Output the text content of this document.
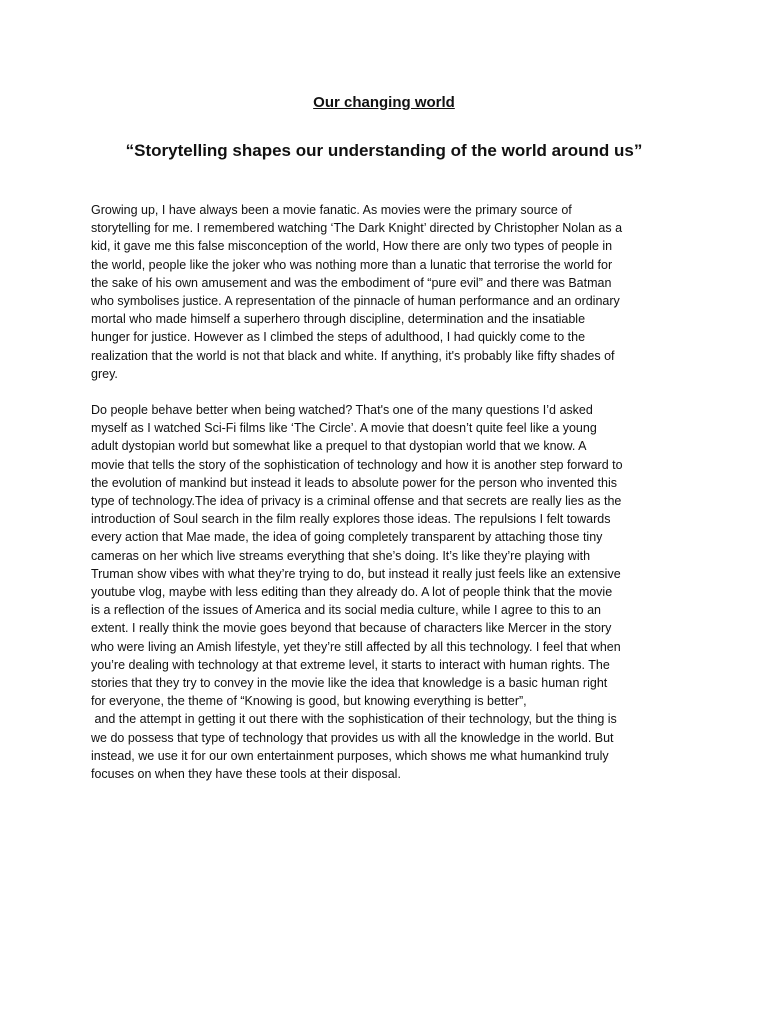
Our changing world
“Storytelling shapes our understanding of the world around us”

Growing up, I have always been a movie fanatic. As movies were the primary source of
storytelling for me. I remembered watching ‘The Dark Knight’ directed by Christopher Nolan as a
kid, it gave me this false misconception of the world, How there are only two types of people in
the world, people like the joker who was nothing more than a lunatic that terrorise the world for
the sake of his own amusement and was the embodiment of “pure evil” and there was Batman
who symbolises justice. A representation of the pinnacle of human performance and an ordinary
mortal who made himself a superhero through discipline, determination and the insatiable
hunger for justice. However as I climbed the steps of adulthood, I had quickly come to the
realization that the world is not that black and white. If anything, it's probably like fifty shades of
grey.

Do people behave better when being watched? That's one of the many questions I’d asked
myself as I watched Sci-Fi films like ‘The Circle’. A movie that doesn’t quite feel like a young
adult dystopian world but somewhat like a prequel to that dystopian world that we know. A
movie that tells the story of the sophistication of technology and how it is another step forward to
the evolution of mankind but instead it leads to absolute power for the person who invented this
type of technology.The idea of privacy is a criminal offense and that secrets are really lies as the
introduction of Soul search in the film really explores those ideas. The repulsions I felt towards
every action that Mae made, the idea of going completely transparent by attaching those tiny
cameras on her which live streams everything that she’s doing. It’s like they’re playing with
Truman show vibes with what they’re trying to do, but instead it really just feels like an extensive
youtube vlog, maybe with less editing than they already do. A lot of people think that the movie
is a reflection of the issues of America and its social media culture, while I agree to this to an
extent. I really think the movie goes beyond that because of characters like Mercer in the story
who were living an Amish lifestyle, yet they’re still affected by all this technology. I feel that when
you’re dealing with technology at that extreme level, it starts to interact with human rights. The
stories that they try to convey in the movie like the idea that knowledge is a basic human right
for everyone, the theme of “Knowing is good, but knowing everything is better”,
and the attempt in getting it out there with the sophistication of their technology, but the thing is
we do possess that type of technology that provides us with all the knowledge in the world. But
instead, we use it for our own entertainment purposes, which shows me what humankind truly
focuses on when they have these tools at their disposal.
